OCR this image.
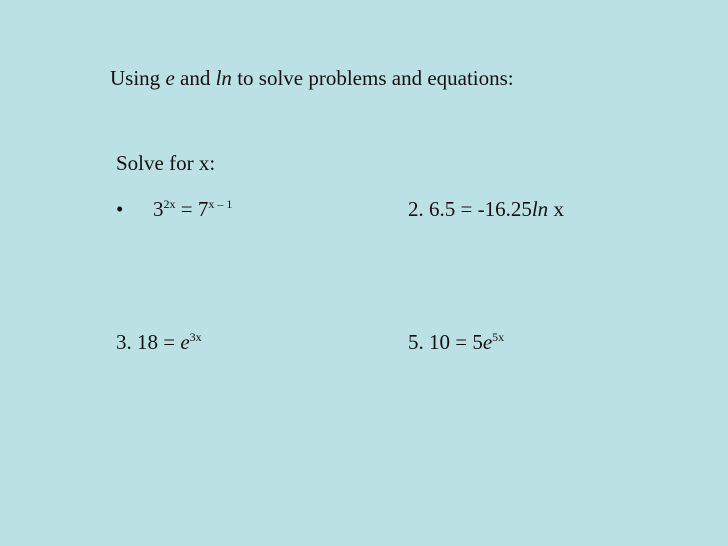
Using e and ln to solve problems and equations:
Solve for x:
• $3^{2x} = 7^{x - 1}$	2. 6.5 = -16.25ln x
3. $18 = e^{3x}$	5. $10 = 5e^{5x}$
